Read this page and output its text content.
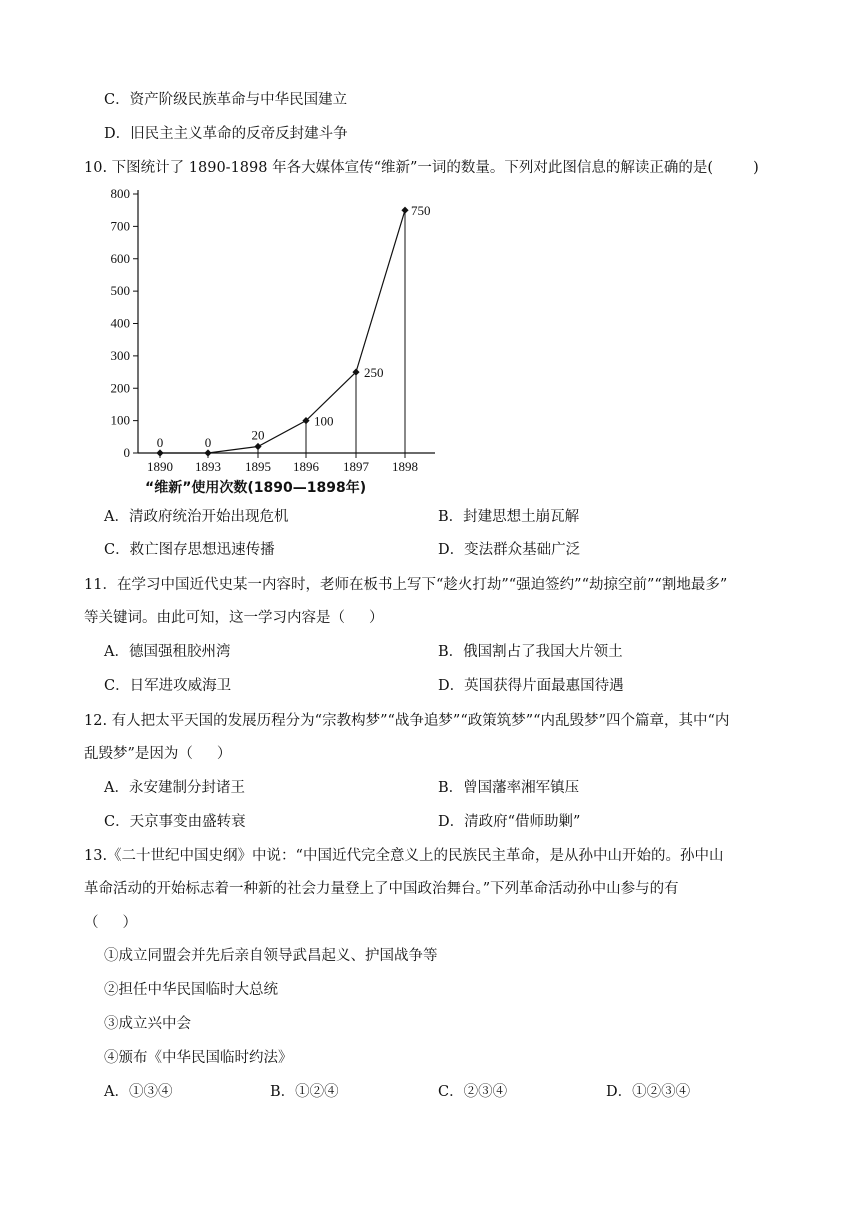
C．资产阶级民族革命与中华民国建立
D．旧民主主义革命的反帝反封建斗争
10. 下图统计了 1890-1898 年各大媒体宣传“维新”一词的数量。下列对此图信息的解读正确的是(	)
0
100
200
300
400
500
600
700
800
1890 1893 1895 1896 1897 1898
0	0	20
100
250
750
“维新”使用次数(1890—1898年)
A．清政府统治开始出现危机	B．封建思想土崩瓦解
C．救亡图存思想迅速传播	D．变法群众基础广泛
11．在学习中国近代史某一内容时，老师在板书上写下“趁火打劫”“强迫签约”“劫掠空前”“割地最多”
等关键词。由此可知，这一学习内容是（ ）
A．德国强租胶州湾	B．俄国割占了我国大片领土
C．日军进攻威海卫	D．英国获得片面最惠国待遇
12. 有人把太平天国的发展历程分为“宗教构梦”“战争追梦”“政策筑梦”“内乱毁梦”四个篇章，其中“内
乱毁梦”是因为（ ）
A．永安建制分封诸王	B．曾国藩率湘军镇压
C．天京事变由盛转衰	D．清政府“借师助剿”
13.《二十世纪中国史纲》中说：“中国近代完全意义上的民族民主革命，是从孙中山开始的。孙中山
革命活动的开始标志着一种新的社会力量登上了中国政治舞台。”下列革命活动孙中山参与的有
（ ）
①成立同盟会并先后亲自领导武昌起义、护国战争等
②担任中华民国临时大总统
③成立兴中会
④颁布《中华民国临时约法》
A．①③④	B．①②④	C．②③④	D．①②③④
